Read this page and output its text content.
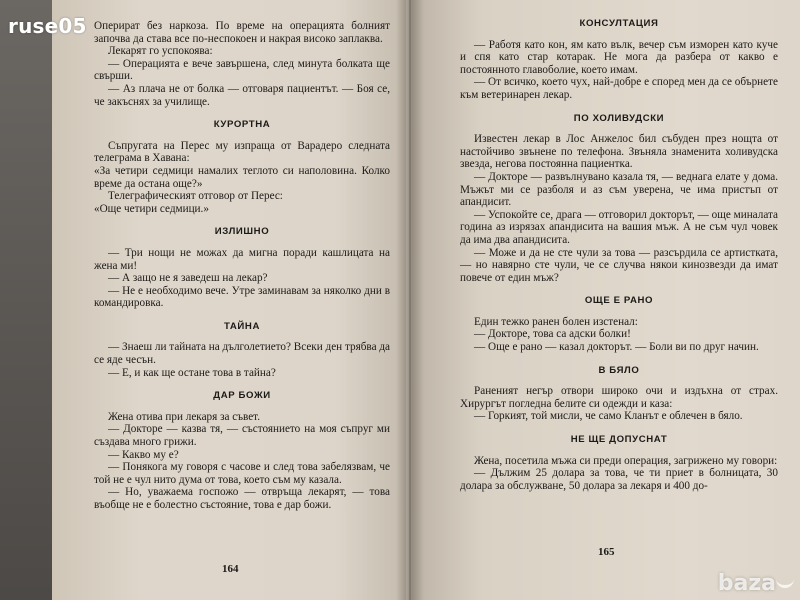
Оперират без наркоза. По време на операцията болният започва да става все по-неспокоен и накрая високо заплаква.

Лекарят го успокоява:

— Операцията е вече завършена, след минута болката ще свърши.

— Аз плача не от болка — отговаря пациентът. — Боя се, че закъснях за училище.

КУРОРТНА

Съпругата на Перес му изпраща от Варадеро следната телеграма в Хавана:

«За четири седмици намалих теглото си наполовина. Колко време да остана още?»

Телеграфическият отговор от Перес:

«Още четири седмици.»

ИЗЛИШНО

— Три нощи не можах да мигна поради кашлицата на жена ми!

— А защо не я заведеш на лекар?

— Не е необходимо вече. Утре заминавам за няколко дни в командировка.

ТАЙНА

— Знаеш ли тайната на дълголетието? Всеки ден трябва да се яде чесън.

— Е, и как ще остане това в тайна?

ДАР БОЖИ

Жена отива при лекаря за съвет.

— Докторе — казва тя, — състоянието на моя съпруг ми създава много грижи.

— Какво му е?

— Понякога му говоря с часове и след това забелязвам, че той не е чул нито дума от това, което съм му казала.

— Но, уважаема госпожо — отвръща лекарят, — това въобще не е болестно състояние, това е дар божи.

164
КОНСУЛТАЦИЯ

— Работя като кон, ям като вълк, вечер съм изморен като куче и спя като стар котарак. Не мога да разбера от какво е постоянното главоболие, което имам.

— От всичко, което чух, най-добре е според мен да се обърнете към ветеринарен лекар.

ПО ХОЛИВУДСКИ

Известен лекар в Лос Анжелос бил събуден през нощта от настойчиво звънене по телефона. Звъняла знаменита холивудска звезда, негова постоянна пациентка.

— Докторе — развълнувано казала тя, — веднага елате у дома. Мъжът ми се разболя и аз съм уверена, че има пристъп от апандисит.

— Успокойте се, драга — отговорил докторът, — още миналата година аз изрязах апандисита на вашия мъж. А не съм чул човек да има два апандисита.

— Може и да не сте чули за това — разсърдила се артистката, — но навярно сте чули, че се случва някои кинозвезди да имат повече от един мъж?

ОЩЕ Е РАНО

Един тежко ранен болен изстенал:

— Докторе, това са адски болки!

— Още е рано — казал докторът. — Боли ви по друг начин.

В БЯЛО

Раненият негър отвори широко очи и издъхна от страх. Хирургът погледна белите си одежди и каза:

— Горкият, той мисли, че само Кланът е облечен в бяло.

НЕ ЩЕ ДОПУСНАТ

Жена, посетила мъжа си преди операция, загрижено му говори:

— Дължим 25 долара за това, че ти приет в болницата, 30 долара за обслужване, 50 долара за лекаря и 400 до-

165
ruse05
baza
